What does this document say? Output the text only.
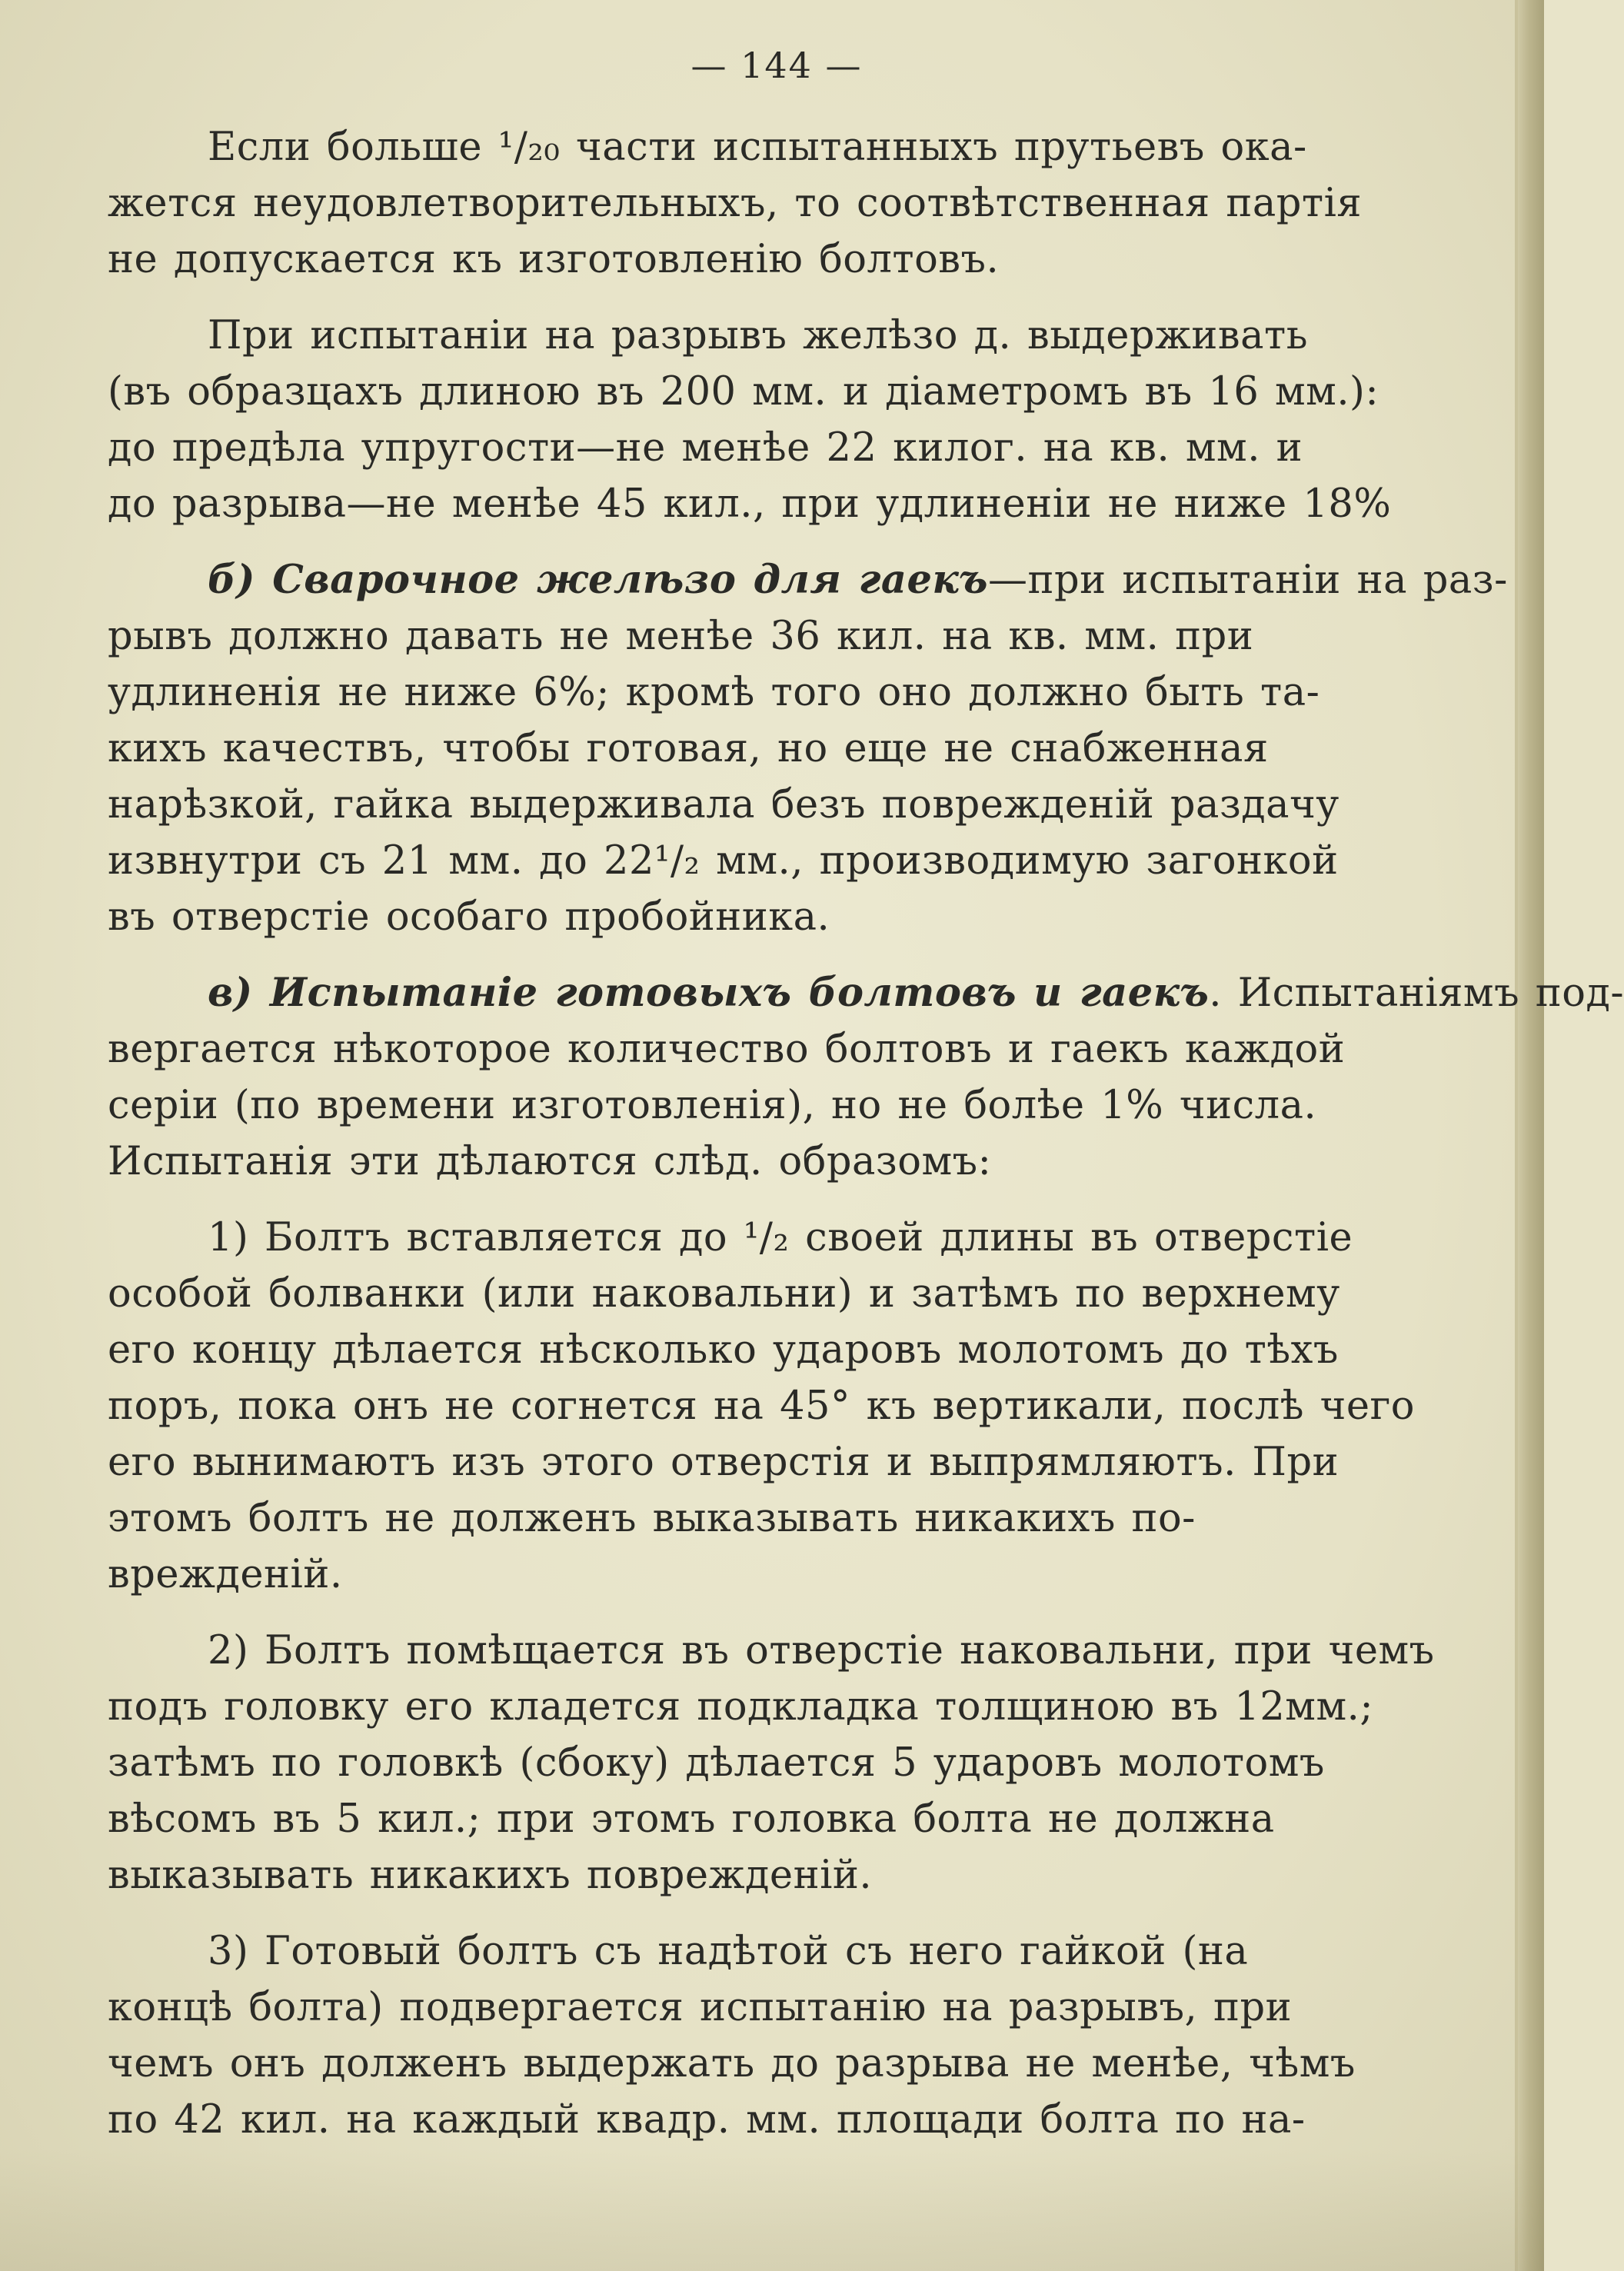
— 144 —
Если больше ¹/₂₀ части испытанныхъ прутьевъ ока-
жется неудовлетворительныхъ, то соотвѣтственная партія
не допускается къ изготовленію болтовъ.
При испытаніи на разрывъ желѣзо д. выдерживать
(въ образцахъ длиною въ 200 мм. и діаметромъ въ 16 мм.):
до предѣла упругости—не менѣе 22 килог. на кв. мм. и
до разрыва—не менѣе 45 кил., при удлиненіи не ниже 18%
б) Сварочное желѣзо для гаекъ—при испытаніи на раз-
рывъ должно давать не менѣе 36 кил. на кв. мм. при
удлиненія не ниже 6%; кромѣ того оно должно быть та-
кихъ качествъ, чтобы готовая, но еще не снабженная
нарѣзкой, гайка выдерживала безъ поврежденій раздачу
извнутри съ 21 мм. до 22¹/₂ мм., производимую загонкой
въ отверстіе особаго пробойника.
в) Испытаніе готовыхъ болтовъ и гаекъ. Испытаніямъ под-
вергается нѣкоторое количество болтовъ и гаекъ каждой
серіи (по времени изготовленія), но не болѣе 1% числа.
Испытанія эти дѣлаются слѣд. образомъ:
1) Болтъ вставляется до ¹/₂ своей длины въ отверстіе
особой болванки (или наковальни) и затѣмъ по верхнему
его концу дѣлается нѣсколько ударовъ молотомъ до тѣхъ
поръ, пока онъ не согнется на 45° къ вертикали, послѣ чего
его вынимаютъ изъ этого отверстія и выпрямляютъ. При
этомъ болтъ не долженъ выказывать никакихъ по-
врежденій.
2) Болтъ помѣщается въ отверстіе наковальни, при чемъ
подъ головку его кладется подкладка толщиною въ 12мм.;
затѣмъ по головкѣ (сбоку) дѣлается 5 ударовъ молотомъ
вѣсомъ въ 5 кил.; при этомъ головка болта не должна
выказывать никакихъ поврежденій.
3) Готовый болтъ съ надѣтой съ него гайкой (на
концѣ болта) подвергается испытанію на разрывъ, при
чемъ онъ долженъ выдержать до разрыва не менѣе, чѣмъ
по 42 кил. на каждый квадр. мм. площади болта по на-
